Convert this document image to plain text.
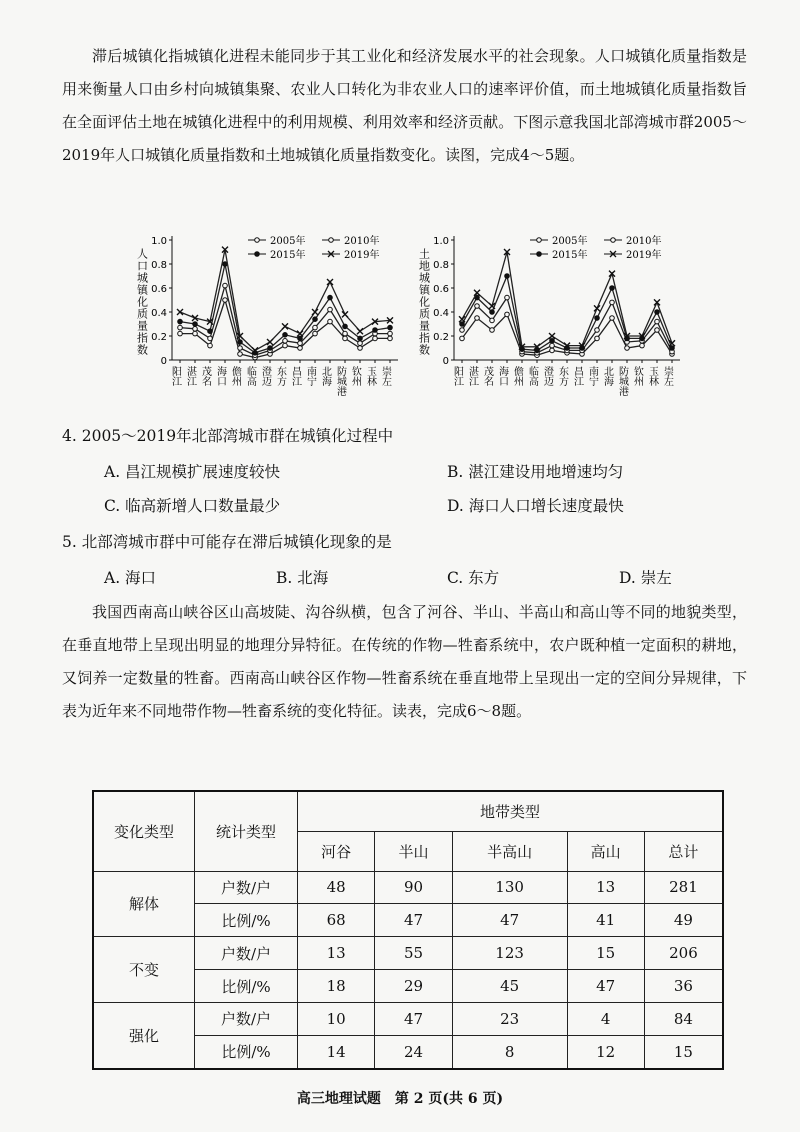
滞后城镇化指城镇化进程未能同步于其工业化和经济发展水平的社会现象。人口城镇化质量指数是用来衡量人口由乡村向城镇集聚、农业人口转化为非农业人口的速率评价值，而土地城镇化质量指数旨在全面评估土地在城镇化进程中的利用规模、利用效率和经济贡献。下图示意我国北部湾城市群2005～2019年人口城镇化质量指数和土地城镇化质量指数变化。读图，完成4～5题。

人口城镇化质量指数
0
0.2
0.4
0.6
0.8
1.0
阳江 湛江 茂名 海口 儋州 临高 澄迈 东方 昌江 南宁 北海 防城港 钦州 玉林 崇左
2005年	2010年
2015年	2019年	土地城镇化质量指数
0
0.2
0.4
0.6
0.8
1.0
阳江 湛江 茂名 海口 儋州 临高 澄迈 东方 昌江 南宁 北海 防城港 钦州 玉林 崇左
2005年	2010年
2015年	2019年

4. 2005～2019年北部湾城市群在城镇化过程中

A. 昌江规模扩展速度较快	B. 湛江建设用地增速均匀
C. 临高新增人口数量最少	D. 海口人口增长速度最快

5. 北部湾城市群中可能存在滞后城镇化现象的是

A. 海口	B. 北海	C. 东方	D. 崇左

我国西南高山峡谷区山高坡陡、沟谷纵横，包含了河谷、半山、半高山和高山等不同的地貌类型，在垂直地带上呈现出明显的地理分异特征。在传统的作物—牲畜系统中，农户既种植一定面积的耕地，又饲养一定数量的牲畜。西南高山峡谷区作物—牲畜系统在垂直地带上呈现出一定的空间分异规律，下表为近年来不同地带作物—牲畜系统的变化特征。读表，完成6～8题。

变化类型	统计类型	地带类型				
		河谷	半山	半高山	高山	总计
解体	户数/户	48	90	130	13	281
	比例/%	68	47	47	41	49
不变	户数/户	13	55	123	15	206
	比例/%	18	29	45	47	36
强化	户数/户	10	47	23	4	84
	比例/%	14	24	8	12	15
高三地理试题　第 2 页(共 6 页)
